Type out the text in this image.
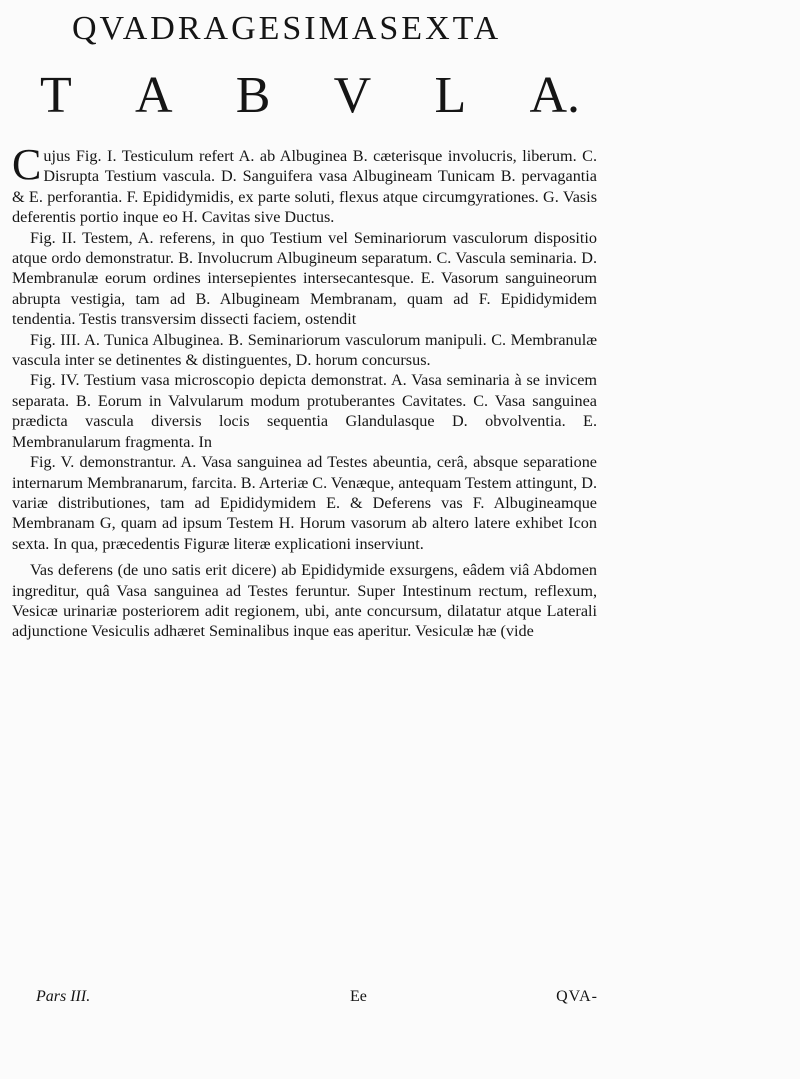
QVADRAGESIMASEXTA
T A B V L A.

Cujus Fig. I. Testiculum refert A. ab Albuginea B. cæterisque involucris, liberum. C. Disrupta Testium vascula. D. Sanguifera vasa Albugineam Tunicam B. pervagantia & E. perforantia. F. Epididymidis, ex parte soluti, flexus atque circumgyrationes. G. Vasis deferentis portio inque eo H. Cavitas sive Ductus.

Fig. II. Testem, A. referens, in quo Testium vel Seminariorum vasculorum dispositio atque ordo demonstratur. B. Involucrum Albugineum separatum. C. Vascula seminaria. D. Membranulæ eorum ordines intersepientes intersecantesque. E. Vasorum sanguineorum abrupta vestigia, tam ad B. Albugineam Membranam, quam ad F. Epididymidem tendentia. Testis transversim dissecti faciem, ostendit

Fig. III. A. Tunica Albuginea. B. Seminariorum vasculorum manipuli. C. Membranulæ vascula inter se detinentes & distinguentes, D. horum concursus.

Fig. IV. Testium vasa microscopio depicta demonstrat. A. Vasa seminaria à se invicem separata. B. Eorum in Valvularum modum protuberantes Cavitates. C. Vasa sanguinea prædicta vascula diversis locis sequentia Glandulasque D. obvolventia. E. Membranularum fragmenta. In

Fig. V. demonstrantur. A. Vasa sanguinea ad Testes abeuntia, cerâ, absque separatione internarum Membranarum, farcita. B. Arteriæ C. Venæque, antequam Testem attingunt, D. variæ distributiones, tam ad Epididymidem E. & Deferens vas F. Albugineamque Membranam G, quam ad ipsum Testem H. Horum vasorum ab altero latere exhibet Icon sexta. In qua, præcedentis Figuræ literæ explicationi inserviunt.

Vas deferens (de uno satis erit dicere) ab Epididymide exsurgens, eâdem viâ Abdomen ingreditur, quâ Vasa sanguinea ad Testes feruntur. Super Intestinum rectum, reflexum, Vesicæ urinariæ posteriorem adit regionem, ubi, ante concursum, dilatatur atque Laterali adjunctione Vesiculis adhæret Seminalibus inque eas aperitur. Vesiculæ hæ (vide

Pars III.	Ee	QVA-
